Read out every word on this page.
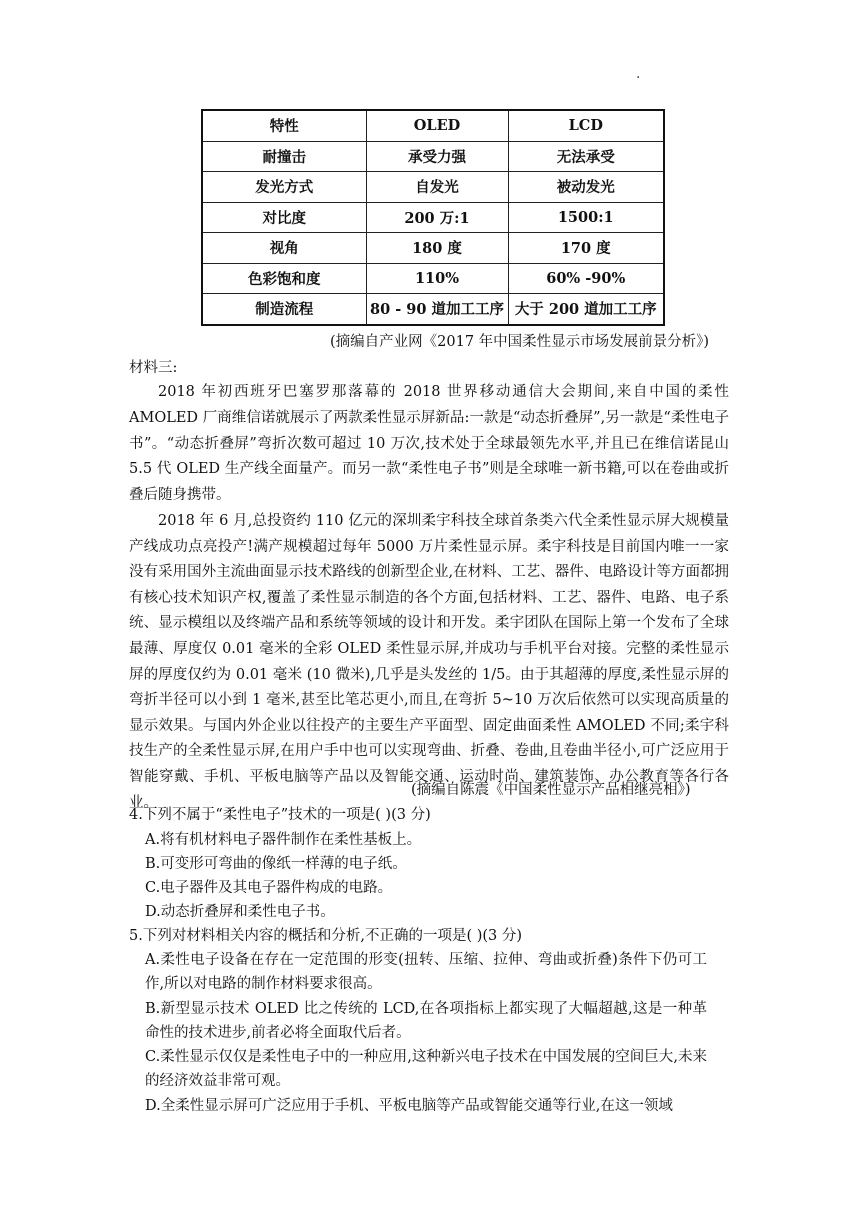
·
特性	OLED	LCD
耐撞击	承受力强	无法承受
发光方式	自发光	被动发光
对比度	200 万:1	1500:1
视角	180 度	170 度
色彩饱和度	110%	60% -90%
制造流程	80 - 90 道加工工序	大于 200 道加工工序
(摘编自产业网《2017 年中国柔性显示市场发展前景分析》)
材料三:
2018 年初西班牙巴塞罗那落幕的 2018 世界移动通信大会期间,来自中国的柔性 AMOLED 厂商维信诺就展示了两款柔性显示屏新品:一款是“动态折叠屏”,另一款是“柔性电子书”。“动态折叠屏”弯折次数可超过 10 万次,技术处于全球最领先水平,并且已在维信诺昆山 5.5 代 OLED 生产线全面量产。而另一款“柔性电子书”则是全球唯一新书籍,可以在卷曲或折叠后随身携带。
2018 年 6 月,总投资约 110 亿元的深圳柔宇科技全球首条类六代全柔性显示屏大规模量产线成功点亮投产!满产规模超过每年 5000 万片柔性显示屏。柔宇科技是目前国内唯一一家没有采用国外主流曲面显示技术路线的创新型企业,在材料、工艺、器件、电路设计等方面都拥有核心技术知识产权,覆盖了柔性显示制造的各个方面,包括材料、工艺、器件、电路、电子系统、显示模组以及终端产品和系统等领域的设计和开发。柔宇团队在国际上第一个发布了全球最薄、厚度仅 0.01 毫米的全彩 OLED 柔性显示屏,并成功与手机平台对接。完整的柔性显示屏的厚度仅约为 0.01 毫米 (10 微米),几乎是头发丝的 1/5。由于其超薄的厚度,柔性显示屏的弯折半径可以小到 1 毫米,甚至比笔芯更小,而且,在弯折 5~10 万次后依然可以实现高质量的显示效果。与国内外企业以往投产的主要生产平面型、固定曲面柔性 AMOLED 不同;柔宇科技生产的全柔性显示屏,在用户手中也可以实现弯曲、折叠、卷曲,且卷曲半径小,可广泛应用于智能穿戴、手机、平板电脑等产品以及智能交通、运动时尚、建筑装饰、办公教育等各行各业。
(摘编自陈震《中国柔性显示产品相继亮相》)
4.下列不属于“柔性电子”技术的一项是( )(3 分)
A.将有机材料电子器件制作在柔性基板上。
B.可变形可弯曲的像纸一样薄的电子纸。
C.电子器件及其电子器件构成的电路。
D.动态折叠屏和柔性电子书。
5.下列对材料相关内容的概括和分析,不正确的一项是( )(3 分)
A.柔性电子设备在存在一定范围的形变(扭转、压缩、拉伸、弯曲或折叠)条件下仍可工作,所以对电路的制作材料要求很高。
B.新型显示技术 OLED 比之传统的 LCD,在各项指标上都实现了大幅超越,这是一种革命性的技术进步,前者必将全面取代后者。
C.柔性显示仅仅是柔性电子中的一种应用,这种新兴电子技术在中国发展的空间巨大,未来的经济效益非常可观。
D.全柔性显示屏可广泛应用于手机、平板电脑等产品或智能交通等行业,在这一领域
